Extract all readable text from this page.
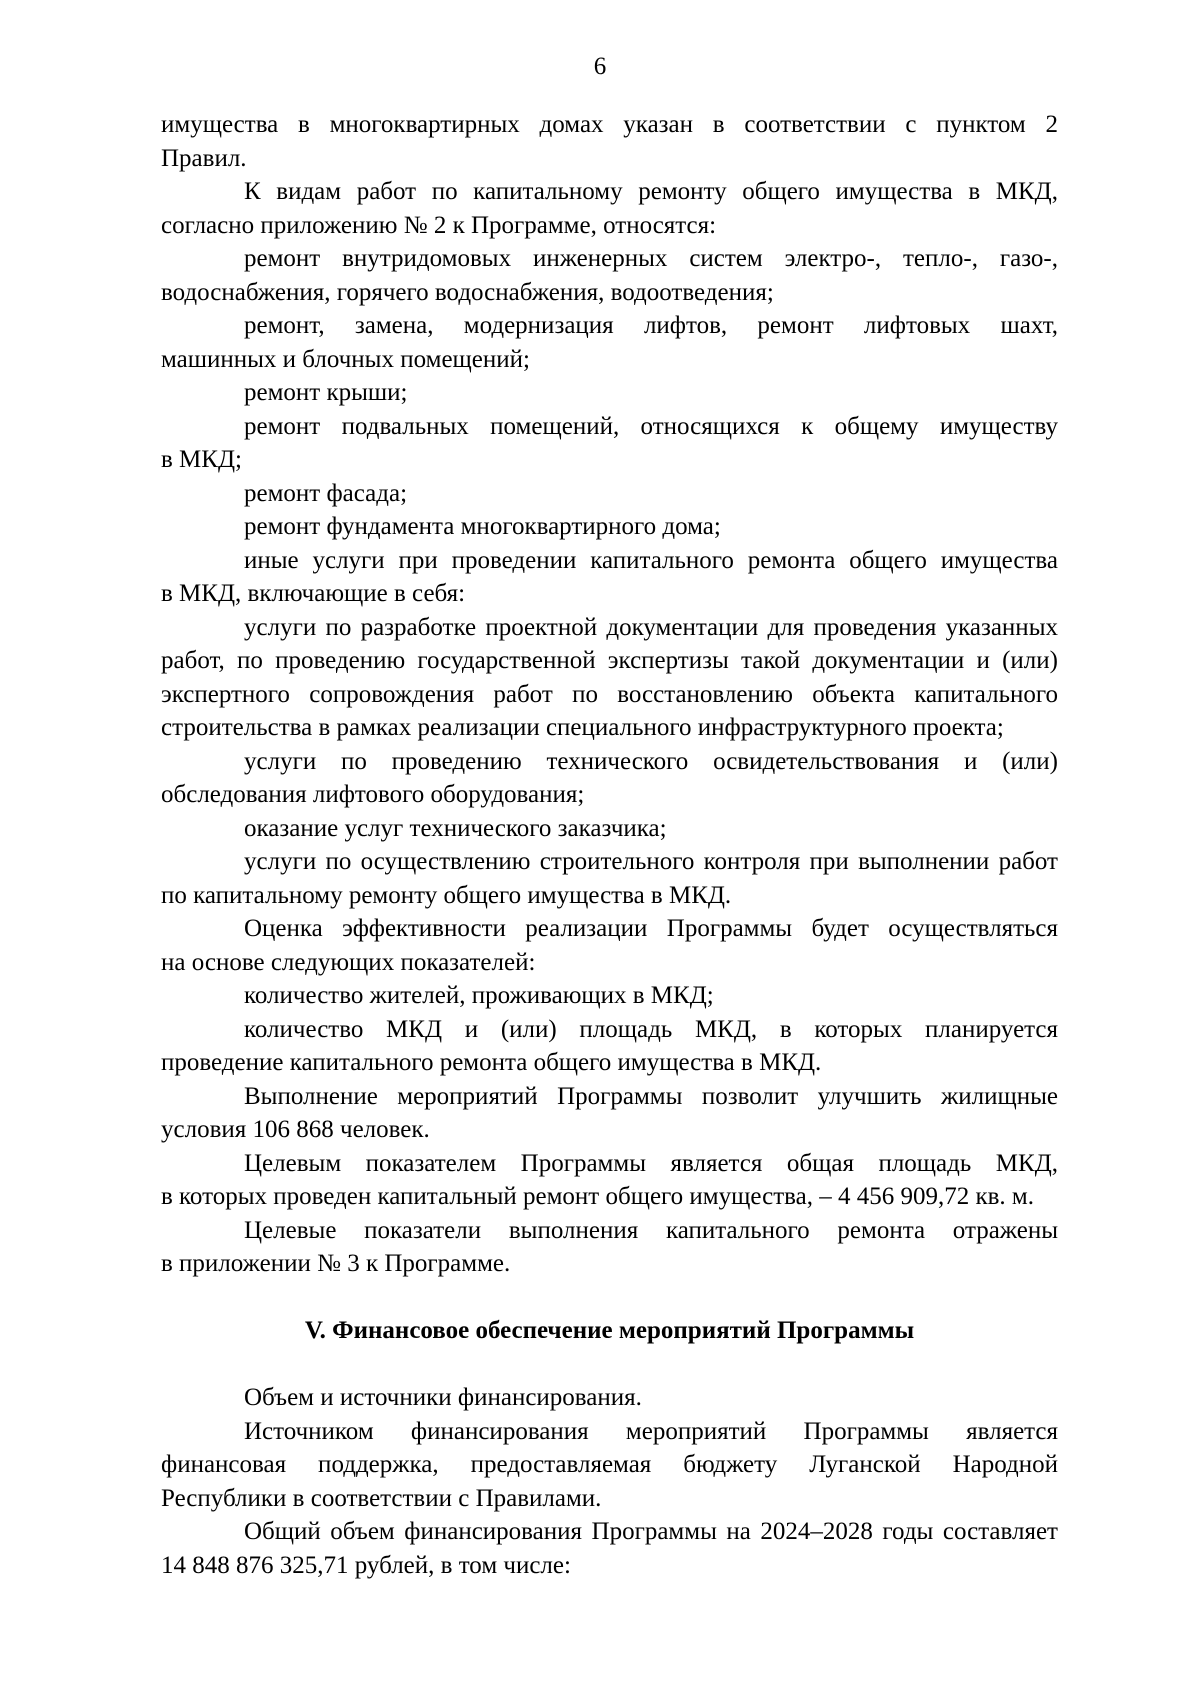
6
имущества в многоквартирных домах указан в соответствии с пунктом 2
Правил.
К видам работ по капитальному ремонту общего имущества в МКД,
согласно приложению № 2 к Программе, относятся:
ремонт внутридомовых инженерных систем электро-, тепло-, газо-,
водоснабжения, горячего водоснабжения, водоотведения;
ремонт, замена, модернизация лифтов, ремонт лифтовых шахт,
машинных и блочных помещений;
ремонт крыши;
ремонт подвальных помещений, относящихся к общему имуществу
в МКД;
ремонт фасада;
ремонт фундамента многоквартирного дома;
иные услуги при проведении капитального ремонта общего имущества
в МКД, включающие в себя:
услуги по разработке проектной документации для проведения указанных
работ, по проведению государственной экспертизы такой документации и (или)
экспертного сопровождения работ по восстановлению объекта капитального
строительства в рамках реализации специального инфраструктурного проекта;
услуги по проведению технического освидетельствования и (или)
обследования лифтового оборудования;
оказание услуг технического заказчика;
услуги по осуществлению строительного контроля при выполнении работ
по капитальному ремонту общего имущества в МКД.
Оценка эффективности реализации Программы будет осуществляться
на основе следующих показателей:
количество жителей, проживающих в МКД;
количество МКД и (или) площадь МКД, в которых планируется
проведение капитального ремонта общего имущества в МКД.
Выполнение мероприятий Программы позволит улучшить жилищные
условия 106 868 человек.
Целевым показателем Программы является общая площадь МКД,
в которых проведен капитальный ремонт общего имущества, – 4 456 909,72 кв. м.
Целевые показатели выполнения капитального ремонта отражены
в приложении № 3 к Программе.
V. Финансовое обеспечение мероприятий Программы
Объем и источники финансирования.
Источником финансирования мероприятий Программы является
финансовая поддержка, предоставляемая бюджету Луганской Народной
Республики в соответствии с Правилами.
Общий объем финансирования Программы на 2024–2028 годы составляет
14 848 876 325,71 рублей, в том числе:
